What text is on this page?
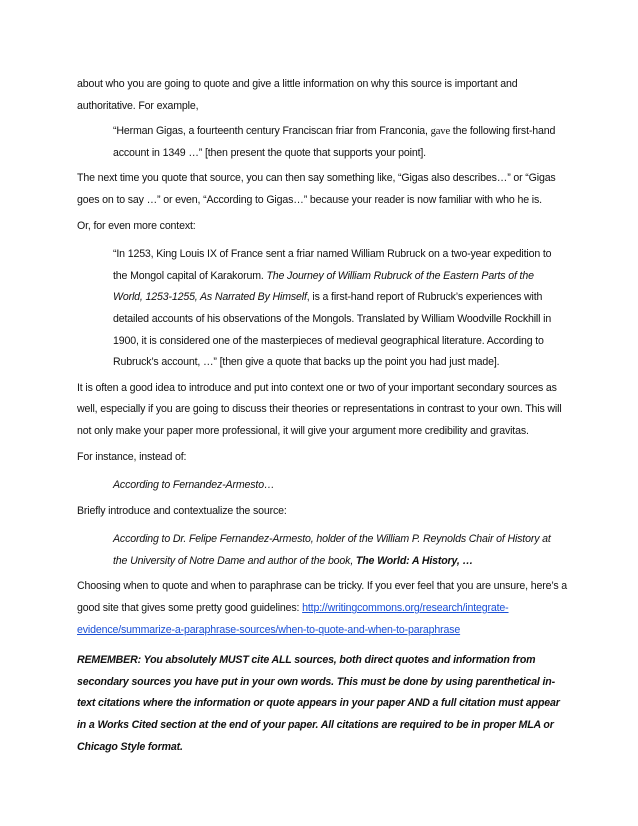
about who you are going to quote and give a little information on why this source is important and authoritative. For example,

“Herman Gigas, a fourteenth century Franciscan friar from Franconia, gave the following first-hand account in 1349 …” [then present the quote that supports your point].

The next time you quote that source, you can then say something like, “Gigas also describes…” or “Gigas goes on to say …” or even, “According to Gigas…” because your reader is now familiar with who he is.

Or, for even more context:

“In 1253, King Louis IX of France sent a friar named William Rubruck on a two-year expedition to the Mongol capital of Karakorum. The Journey of William Rubruck of the Eastern Parts of the World, 1253-1255, As Narrated By Himself, is a first-hand report of Rubruck’s experiences with detailed accounts of his observations of the Mongols. Translated by William Woodville Rockhill in 1900, it is considered one of the masterpieces of medieval geographical literature. According to Rubruck’s account, …” [then give a quote that backs up the point you had just made].

It is often a good idea to introduce and put into context one or two of your important secondary sources as well, especially if you are going to discuss their theories or representations in contrast to your own. This will not only make your paper more professional, it will give your argument more credibility and gravitas.

For instance, instead of:

According to Fernandez-Armesto…

Briefly introduce and contextualize the source:

According to Dr. Felipe Fernandez-Armesto, holder of the William P. Reynolds Chair of History at the University of Notre Dame and author of the book, The World: A History, …

Choosing when to quote and when to paraphrase can be tricky. If you ever feel that you are unsure, here’s a good site that gives some pretty good guidelines: http://writingcommons.org/research/integrate-evidence/summarize-a-paraphrase-sources/when-to-quote-and-when-to-paraphrase

REMEMBER: You absolutely MUST cite ALL sources, both direct quotes and information from secondary sources you have put in your own words. This must be done by using parenthetical in-text citations where the information or quote appears in your paper AND a full citation must appear in a Works Cited section at the end of your paper. All citations are required to be in proper MLA or Chicago Style format.
